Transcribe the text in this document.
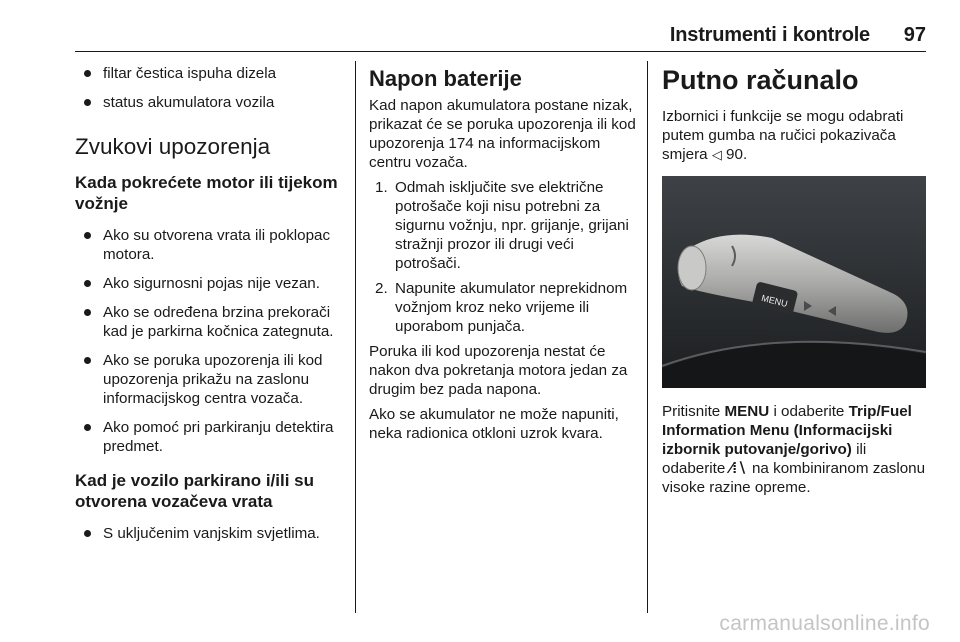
Instrumenti i kontrole 97
filtar čestica ispuha dizela
status akumulatora vozila
Zvukovi upozorenja
Kada pokrećete motor ili tijekom vožnje
Ako su otvorena vrata ili poklopac motora.
Ako sigurnosni pojas nije vezan.
Ako se određena brzina prekorači kad je parkirna kočnica zategnuta.
Ako se poruka upozorenja ili kod upozorenja prikažu na zaslonu informacijskog centra vozača.
Ako pomoć pri parkiranju detektira predmet.
Kad je vozilo parkirano i/ili su otvorena vozačeva vrata
S uključenim vanjskim svjetlima.
Napon baterije

Kad napon akumulatora postane nizak, prikazat će se poruka upozorenja ili kod upozorenja 174 na informacijskom centru vozača.

1. Odmah isključite sve električne potrošače koji nisu potrebni za sigurnu vožnju, npr. grijanje, grijani stražnji prozor ili drugi veći potrošači.
2. Napunite akumulator neprekidnom vožnjom kroz neko vrijeme ili uporabom punjača.

Poruka ili kod upozorenja nestat će nakon dva pokretanja motora jedan za drugim bez pada napona.

Ako se akumulator ne može napuniti, neka radionica otkloni uzrok kvara.

Putno računalo

Izbornici i funkcije se mogu odabrati putem gumba na ručici pokazivača smjera ◁ 90.

MENU

Pritisnite MENU i odaberite Trip/Fuel Information Menu (Informacijski izbornik putovanje/gorivo) ili
odaberite ⁄⁞∖ na kombiniranom zaslonu visoke razine opreme.

carmanualsonline.info
